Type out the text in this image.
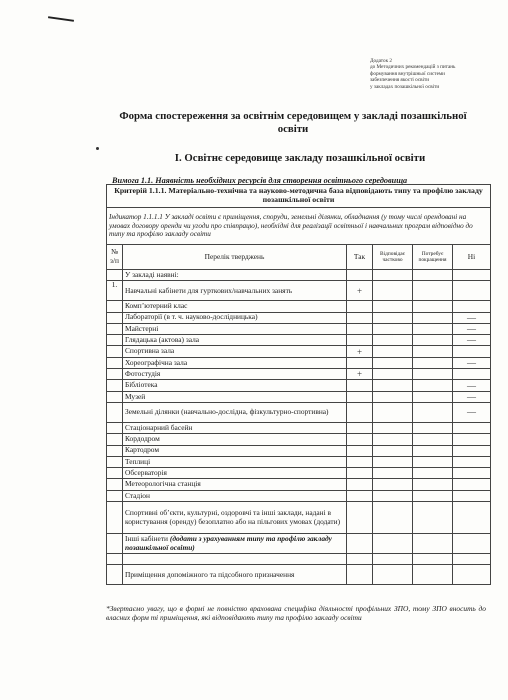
Додаток 2
до Методичних рекомендацій з питань
формування внутрішньої системи
забезпечення якості освіти
у закладах позашкільної освіти
Форма спостереження за освітнім середовищем у закладі позашкільної освіти
І. Освітнє середовище закладу позашкільної освіти
Вимога 1.1. Наявність необхідних ресурсів для створення освітнього середовища
Критерій 1.1.1. Матеріально-технічна та науково-методична база відповідають типу та профілю закладу позашкільної освіти					
Індикатор 1.1.1.1 У закладі освіти є приміщення, споруди, земельні ділянки, обладнання (у тому числі орендовані на умовах договору оренди чи угоди про співпрацю), необхідні для реалізації освітньої і навчальних програм відповідно до типу та профілю закладу освіти					
№ з/п	Перелік тверджень	Так	Відповідає частково	Потребує покращення	Ні
	У закладі наявні:				
1.	Навчальні кабінети для гурткових/навчальних занять	+			
	Комп’ютерний клас				
	Лабораторії (в т. ч. науково-дослідницька)				—
	Майстерні				—
	Глядацька (актова) зала				—
	Спортивна зала	+			
	Хореографічна зала				—
	Фотостудія	+			
	Бібліотека				—
	Музей				—
	Земельні ділянки (навчально-дослідна, фізкультурно-спортивна)				—
	Стаціонарний басейн				
	Кордодром				
	Картодром				
	Теплиці				
	Обсерваторія				
	Метеорологічна станція				
	Стадіон				
	Спортивні об’єкти, культурні, оздоровчі та інші заклади, надані в користування (оренду) безоплатно або на пільгових умовах (додати)				
	Інші кабінети (додати з урахуванням типу та профілю закладу позашкільної освіти)				

	Приміщення допоміжного та підсобного призначення				
*Звертаємо увагу, що в формі не повністю врахована специфіка діяльності профільних ЗПО, тому ЗПО вносить до власних форм ті приміщення, які відповідають типу та профілю закладу освіти
